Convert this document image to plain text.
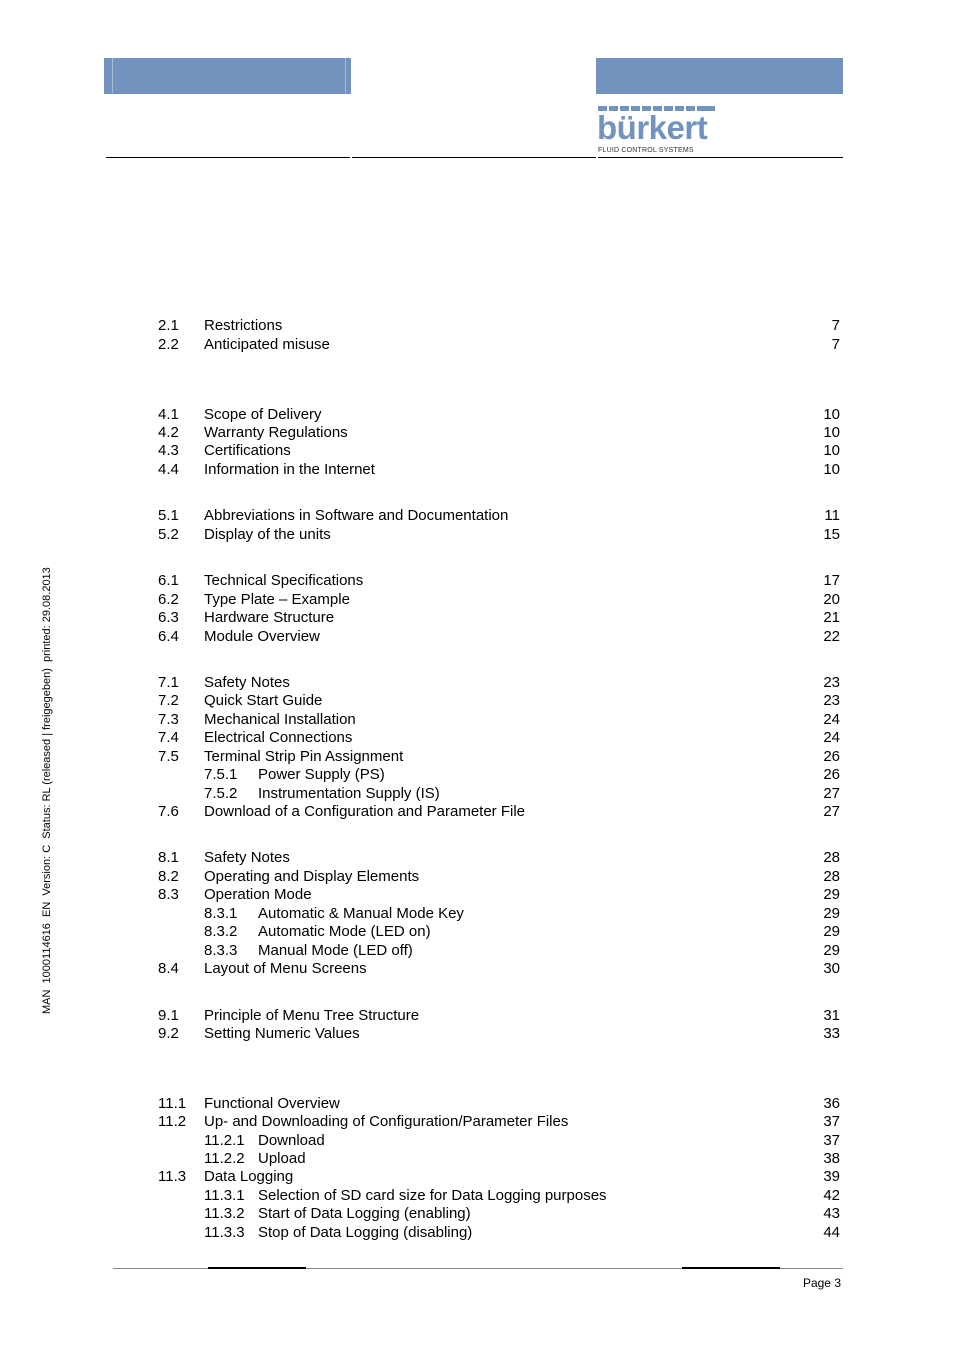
bürkert
FLUID CONTROL SYSTEMS
2.1 Restrictions	7
2.2 Anticipated misuse	7
4.1 Scope of Delivery	10
4.2 Warranty Regulations	10
4.3 Certifications	10
4.4 Information in the Internet	10
5.1 Abbreviations in Software and Documentation	11
5.2 Display of the units	15
6.1 Technical Specifications	17
6.2 Type Plate – Example	20
6.3 Hardware Structure	21
6.4 Module Overview	22
7.1 Safety Notes	23
7.2 Quick Start Guide	23
7.3 Mechanical Installation	24
7.4 Electrical Connections	24
7.5 Terminal Strip Pin Assignment	26
7.5.1 Power Supply (PS)	26
7.5.2 Instrumentation Supply (IS)	27
7.6 Download of a Configuration and Parameter File	27
8.1 Safety Notes	28
8.2 Operating and Display Elements	28
8.3 Operation Mode	29
8.3.1 Automatic & Manual Mode Key	29
8.3.2 Automatic Mode (LED on)	29
8.3.3 Manual Mode (LED off)	29
8.4 Layout of Menu Screens	30
9.1 Principle of Menu Tree Structure	31
9.2 Setting Numeric Values	33
11.1 Functional Overview	36
11.2 Up- and Downloading of Configuration/Parameter Files	37
11.2.1 Download	37
11.2.2 Upload	38
11.3 Data Logging	39
11.3.1 Selection of SD card size for Data Logging purposes	42
11.3.2 Start of Data Logging (enabling)	43
11.3.3 Stop of Data Logging (disabling)	44
MAN  1000114616  EN  Version: C  Status: RL (released | freigegeben)  printed: 29.08.2013
Page 3
